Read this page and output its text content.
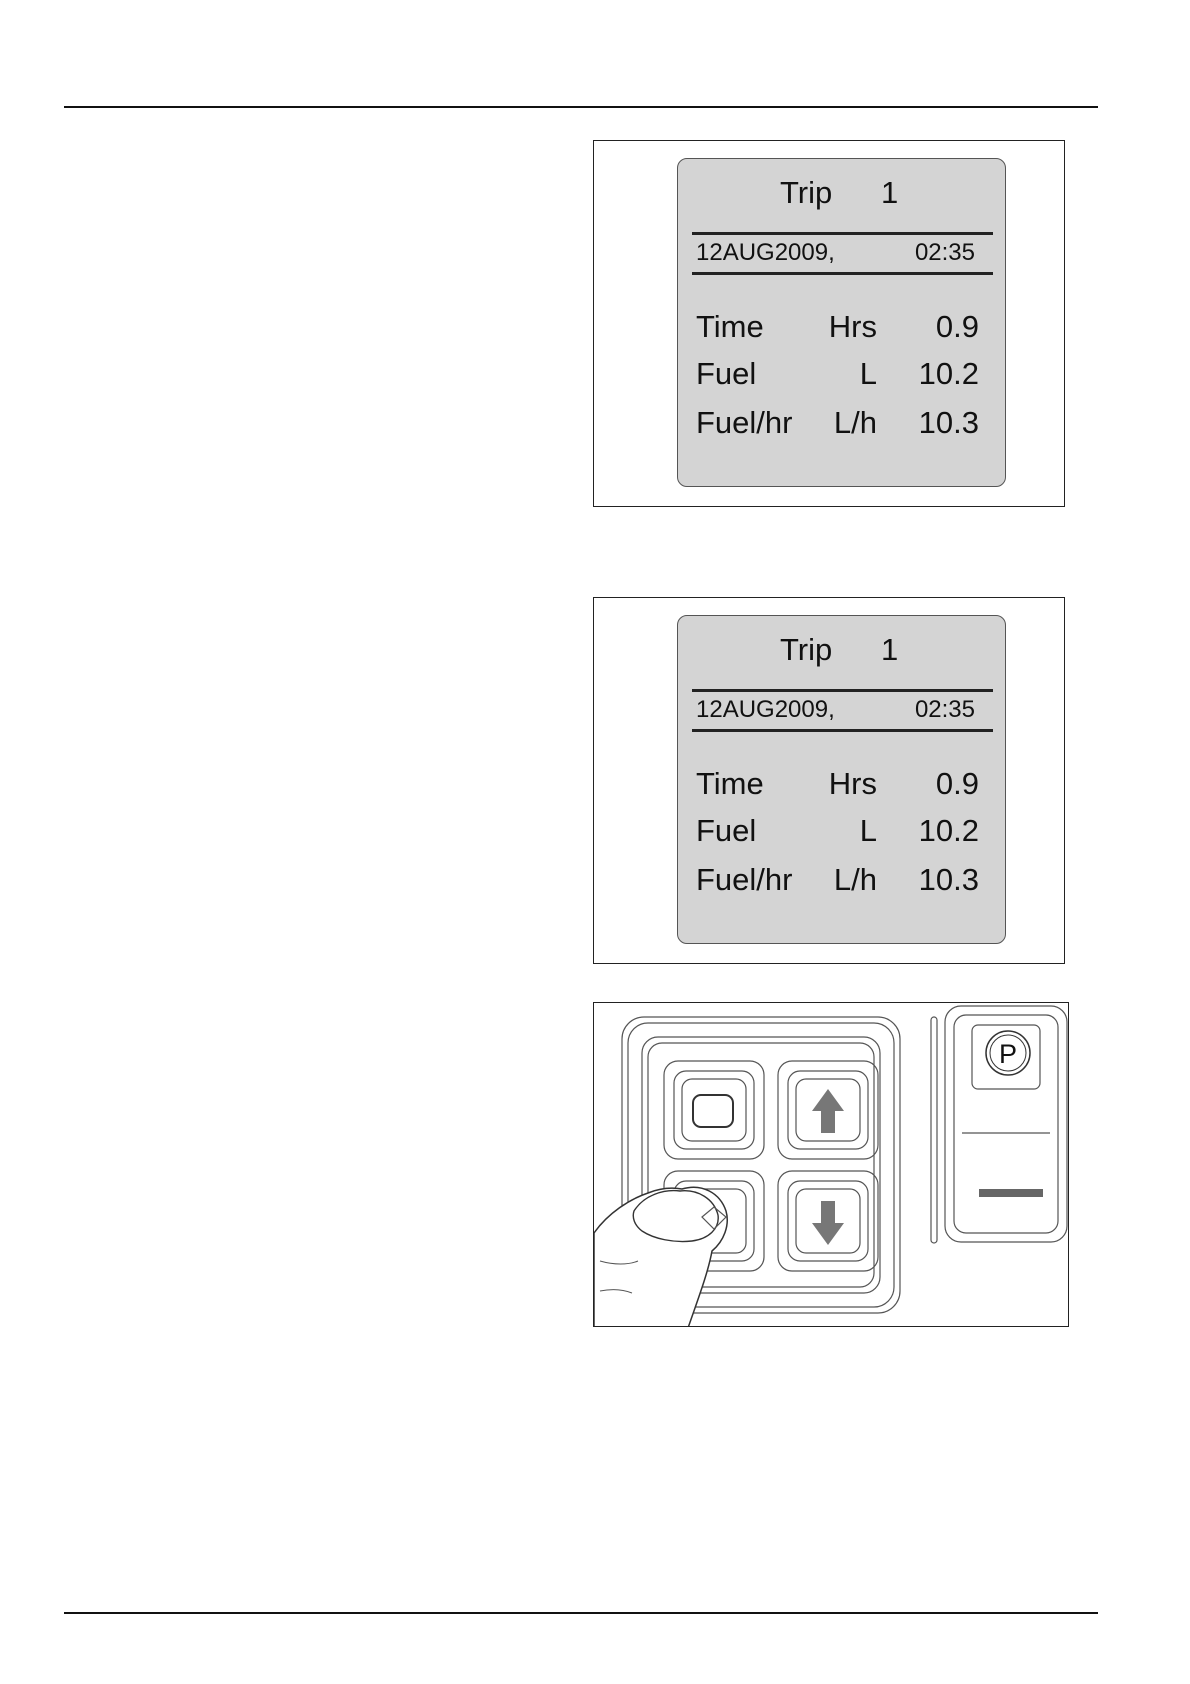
Trip 1
12AUG2009,	02:35
Time Hrs 0.9
Fuel	L 10.2
Fuel/hr L/h 10.3
Trip 1
12AUG2009,	02:35
Time Hrs 0.9
Fuel	L 10.2
Fuel/hr L/h 10.3
P
